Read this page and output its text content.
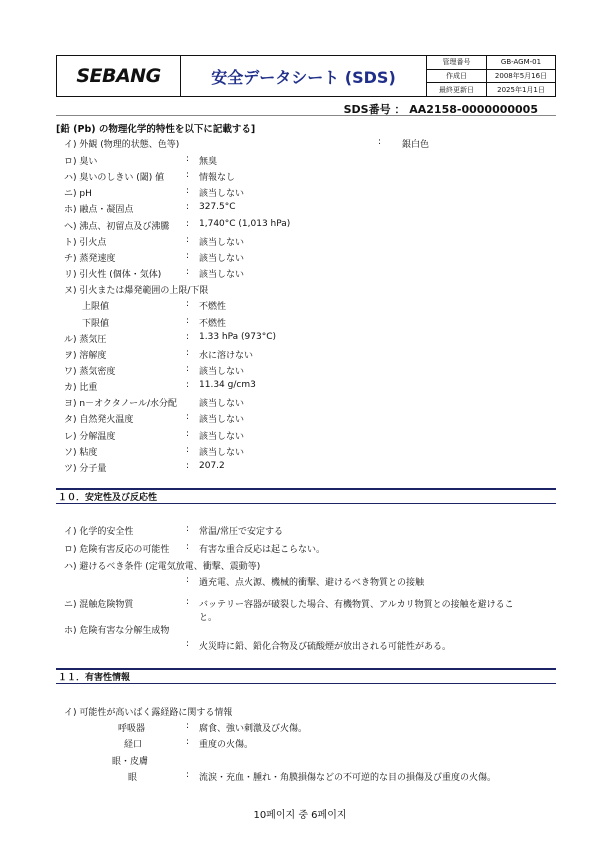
SEBANG	安全データシート (SDS)
管理番号	GB-AGM-01
作成日	2008年5月16日
最終更新日	2025年1月1日
SDS番号 ： AA2158-0000000005
[鉛 (Pb) の物理化学的特性を以下に記載する]
イ) 外観 (物理的状態、色等)	: 銀白色
ロ) 臭い	: 無臭
ハ) 臭いのしきい (閾) 値 : 情報なし
ニ) pH	: 該当しない
ホ) 融点・凝固点	: 327.5°C
ヘ) 沸点、初留点及び沸騰 : 1,740°C (1,013 hPa)
ト) 引火点	: 該当しない
チ) 蒸発速度	: 該当しない
リ) 引火性 (個体・気体)	: 該当しない
ヌ) 引火または爆発範囲の上限/下限
上限値	: 不燃性
下限値	: 不燃性
ル) 蒸気圧	: 1.33 hPa (973°C)
ヲ) 溶解度	: 水に溶けない
ワ) 蒸気密度	: 該当しない
カ) 比重	: 11.34 g/cm3
ヨ) n－オクタノール/水分配 該当しない
タ) 自然発火温度	: 該当しない
レ) 分解温度	: 該当しない
ソ) 粘度	: 該当しない
ツ) 分子量	: 207.2
１０．安定性及び反応性
イ) 化学的安全性	: 常温/常圧で安定する
ロ) 危険有害反応の可能性 : 有害な重合反応は起こらない。
ハ) 避けるべき条件 (定電気放電、衝撃、震動等)
: 過充電、点火源、機械的衝撃、避けるべき物質との接触
ニ) 混触危険物質	: バッテリー容器が破裂した場合、有機物質、アルカリ物質との接触を避けるこ
と。
ホ) 危険有害な分解生成物
: 火災時に鉛、鉛化合物及び硫酸煙が放出される可能性がある。
１１．有害性情報
イ) 可能性が高いばく露経路に関する情報
呼吸器	: 腐食、強い刺激及び火傷。
経口	: 重度の火傷。
眼・皮膚
眼	: 流涙・充血・腫れ・角膜損傷などの不可逆的な目の損傷及び重度の火傷。
10페이지 중 6페이지
